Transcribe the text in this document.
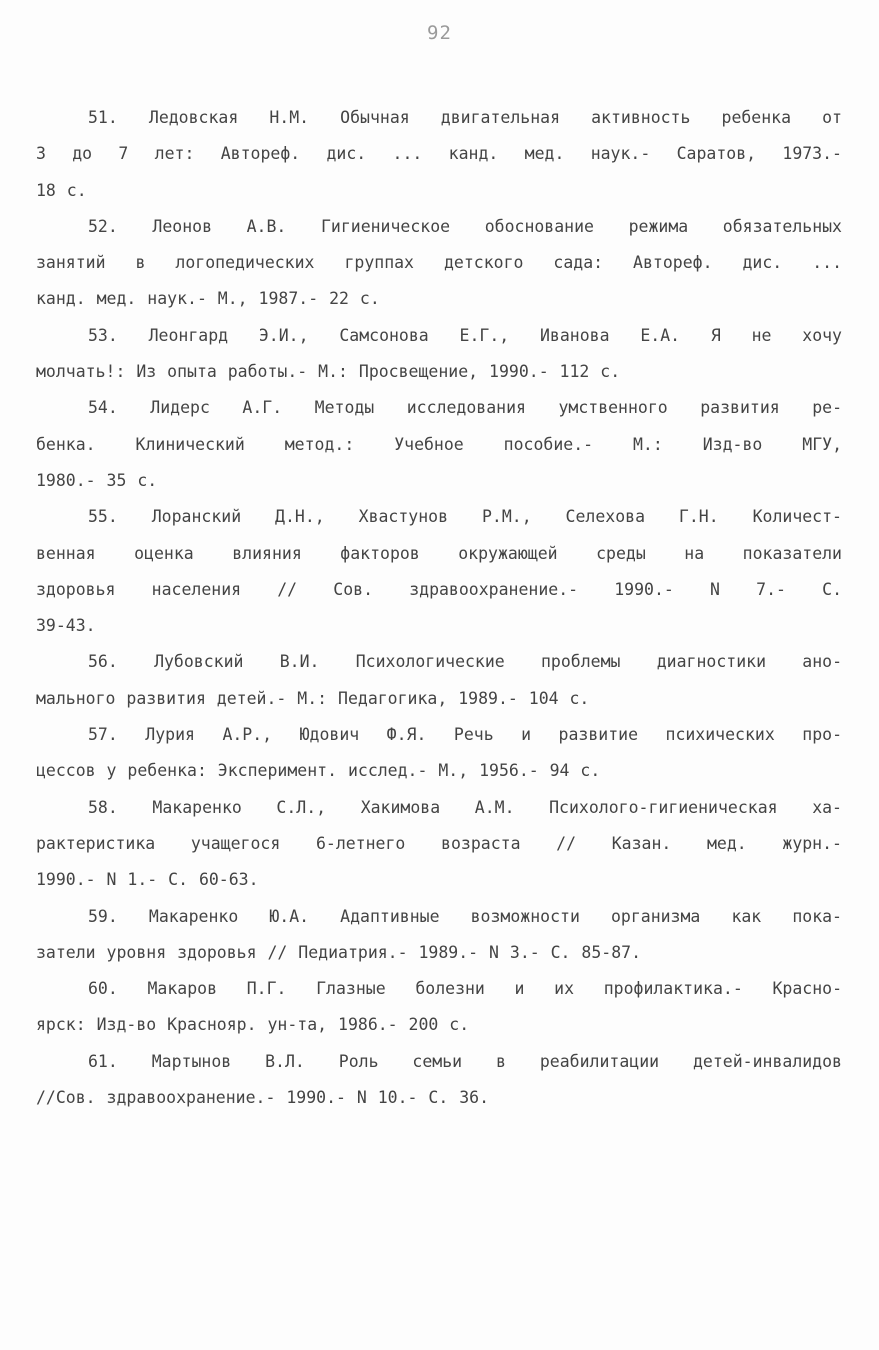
92
51. Ледовская Н.М. Обычная двигательная активность ребенка от
3 до 7 лет: Автореф. дис. ... канд. мед. наук.- Саратов, 1973.-
18 с.
52. Леонов А.В. Гигиеническое обоснование режима обязательных
занятий в логопедических группах детского сада: Автореф. дис. ...
канд. мед. наук.- М., 1987.- 22 с.
53. Леонгард Э.И., Самсонова Е.Г., Иванова Е.А. Я не хочу
молчать!: Из опыта работы.- М.: Просвещение, 1990.- 112 с.
54. Лидерс А.Г. Методы исследования умственного развития ре-
бенка. Клинический метод.: Учебное пособие.- М.: Изд-во МГУ,
1980.- 35 с.
55. Лоранский Д.Н., Хвастунов Р.М., Селехова Г.Н. Количест-
венная оценка влияния факторов окружающей среды на показатели
здоровья населения // Сов. здравоохранение.- 1990.- N 7.- С.
39-43.
56. Лубовский В.И. Психологические проблемы диагностики ано-
мального развития детей.- М.: Педагогика, 1989.- 104 с.
57. Лурия А.Р., Юдович Ф.Я. Речь и развитие психических про-
цессов у ребенка: Эксперимент. исслед.- М., 1956.- 94 с.
58. Макаренко С.Л., Хакимова А.М. Психолого-гигиеническая ха-
рактеристика учащегося 6-летнего возраста // Казан. мед. журн.-
1990.- N 1.- С. 60-63.
59. Макаренко Ю.А. Адаптивные возможности организма как пока-
затели уровня здоровья // Педиатрия.- 1989.- N 3.- С. 85-87.
60. Макаров П.Г. Глазные болезни и их профилактика.- Красно-
ярск: Изд-во Краснояр. ун-та, 1986.- 200 с.
61. Мартынов В.Л. Роль семьи в реабилитации детей-инвалидов
//Сов. здравоохранение.- 1990.- N 10.- С. 36.
